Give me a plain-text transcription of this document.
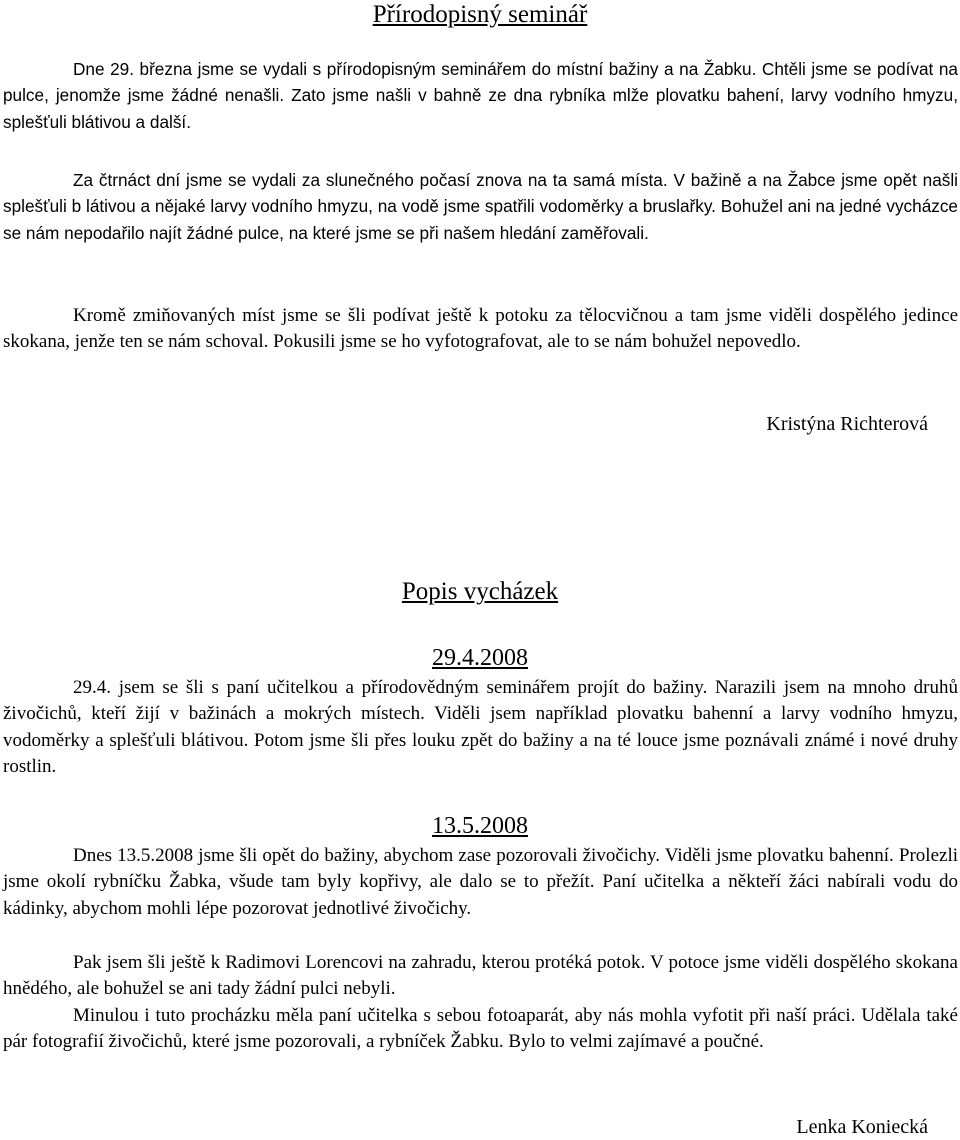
Přírodopisný seminář

Dne 29. března jsme se vydali s přírodopisným seminářem do místní bažiny a na Žabku. Chtěli jsme se podívat na pulce, jenomže jsme žádné nenašli. Zato jsme našli v bahně ze dna rybníka mlže plovatku bahení, larvy vodního hmyzu, splešťuli blátivou a další.

Za čtrnáct dní jsme se vydali za slunečného počasí znova na ta samá místa. V bažině a na Žabce jsme opět našli splešťuli b látivou a nějaké larvy vodního hmyzu, na vodě jsme spatřili vodoměrky a bruslařky. Bohužel ani na jedné vycházce se nám nepodařilo najít žádné pulce, na které jsme se při našem hledání zaměřovali.

Kromě zmiňovaných míst jsme se šli podívat ještě k potoku za tělocvičnou a tam jsme viděli dospělého jedince skokana, jenže ten se nám schoval. Pokusili jsme se ho vyfotografovat, ale to se nám bohužel nepovedlo.

Kristýna Richterová
Popis vycházek
29.4.2008

29.4. jsem se šli s paní učitelkou a přírodovědným seminářem projít do bažiny. Narazili jsem na mnoho druhů živočichů, kteří žijí v bažinách a mokrých místech. Viděli jsem například plovatku bahenní a larvy vodního hmyzu, vodoměrky a splešťuli blátivou. Potom jsme šli přes louku zpět do bažiny a na té louce jsme poznávali známé i nové druhy rostlin.

13.5.2008

Dnes 13.5.2008 jsme šli opět do bažiny, abychom zase pozorovali živočichy. Viděli jsme plovatku bahenní. Prolezli jsme okolí rybníčku Žabka, všude tam byly kopřivy, ale dalo se to přežít. Paní učitelka a někteří žáci nabírali vodu do kádinky, abychom mohli lépe pozorovat jednotlivé živočichy.

Pak jsem šli ještě k Radimovi Lorencovi na zahradu, kterou protéká potok. V potoce jsme viděli dospělého skokana hnědého, ale bohužel se ani tady žádní pulci nebyli.

Minulou i tuto procházku měla paní učitelka s sebou fotoaparát, aby nás mohla vyfotit při naší práci. Udělala také pár fotografií živočichů, které jsme pozorovali, a rybníček Žabku. Bylo to velmi zajímavé a poučné.

Lenka Koniecká
